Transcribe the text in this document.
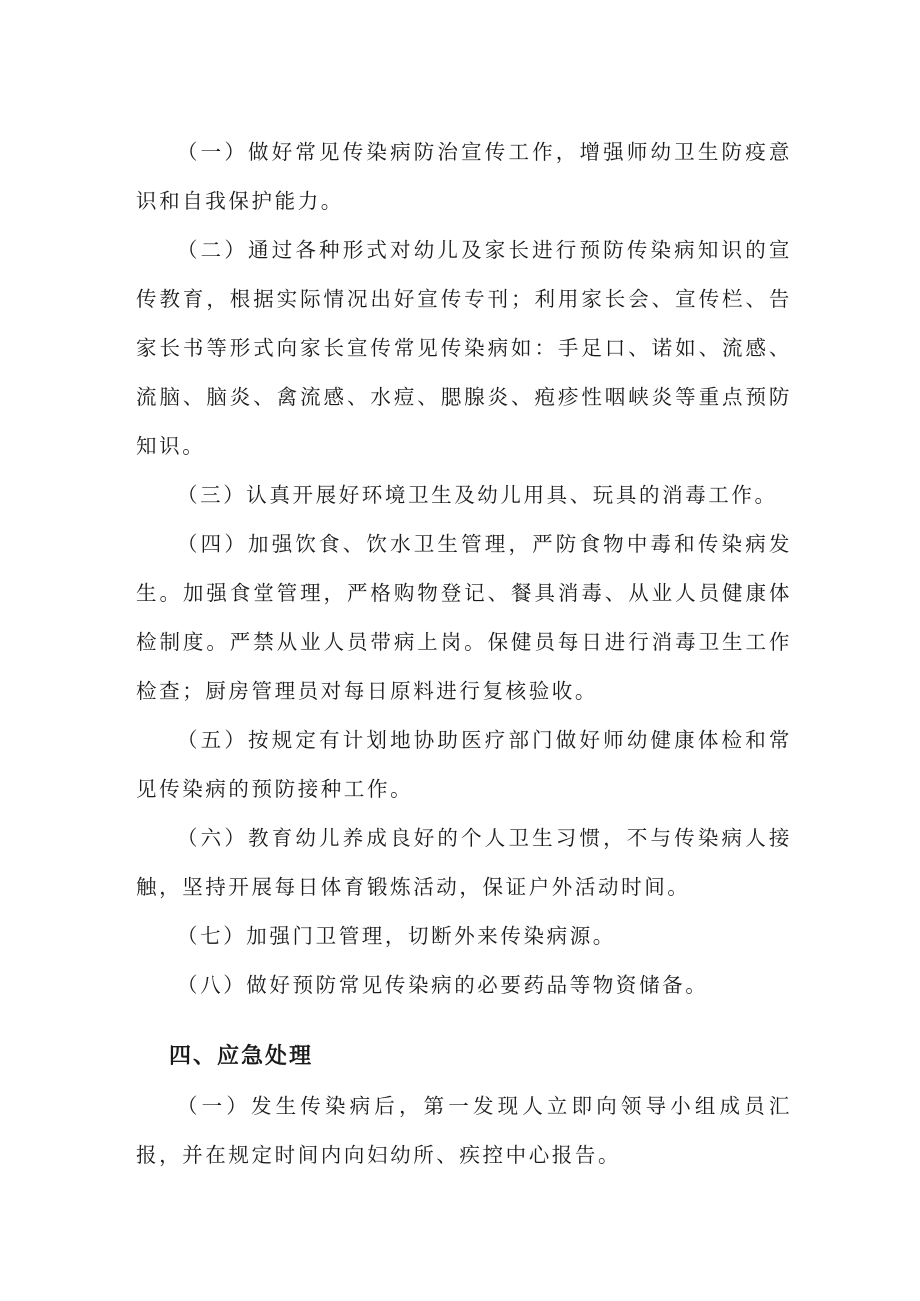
（一）做好常见传染病防治宣传工作，增强师幼卫生防疫意识和自我保护能力。

（二）通过各种形式对幼儿及家长进行预防传染病知识的宣传教育，根据实际情况出好宣传专刊；利用家长会、宣传栏、告家长书等形式向家长宣传常见传染病如：手足口、诺如、流感、流脑、脑炎、禽流感、水痘、腮腺炎、疱疹性咽峡炎等重点预防知识。

（三）认真开展好环境卫生及幼儿用具、玩具的消毒工作。

（四）加强饮食、饮水卫生管理，严防食物中毒和传染病发生。加强食堂管理，严格购物登记、餐具消毒、从业人员健康体检制度。严禁从业人员带病上岗。保健员每日进行消毒卫生工作检查；厨房管理员对每日原料进行复核验收。

（五）按规定有计划地协助医疗部门做好师幼健康体检和常见传染病的预防接种工作。

（六）教育幼儿养成良好的个人卫生习惯，不与传染病人接触，坚持开展每日体育锻炼活动，保证户外活动时间。

（七）加强门卫管理，切断外来传染病源。

（八）做好预防常见传染病的必要药品等物资储备。

四、应急处理

（一）发生传染病后，第一发现人立即向领导小组成员汇报，并在规定时间内向妇幼所、疾控中心报告。
